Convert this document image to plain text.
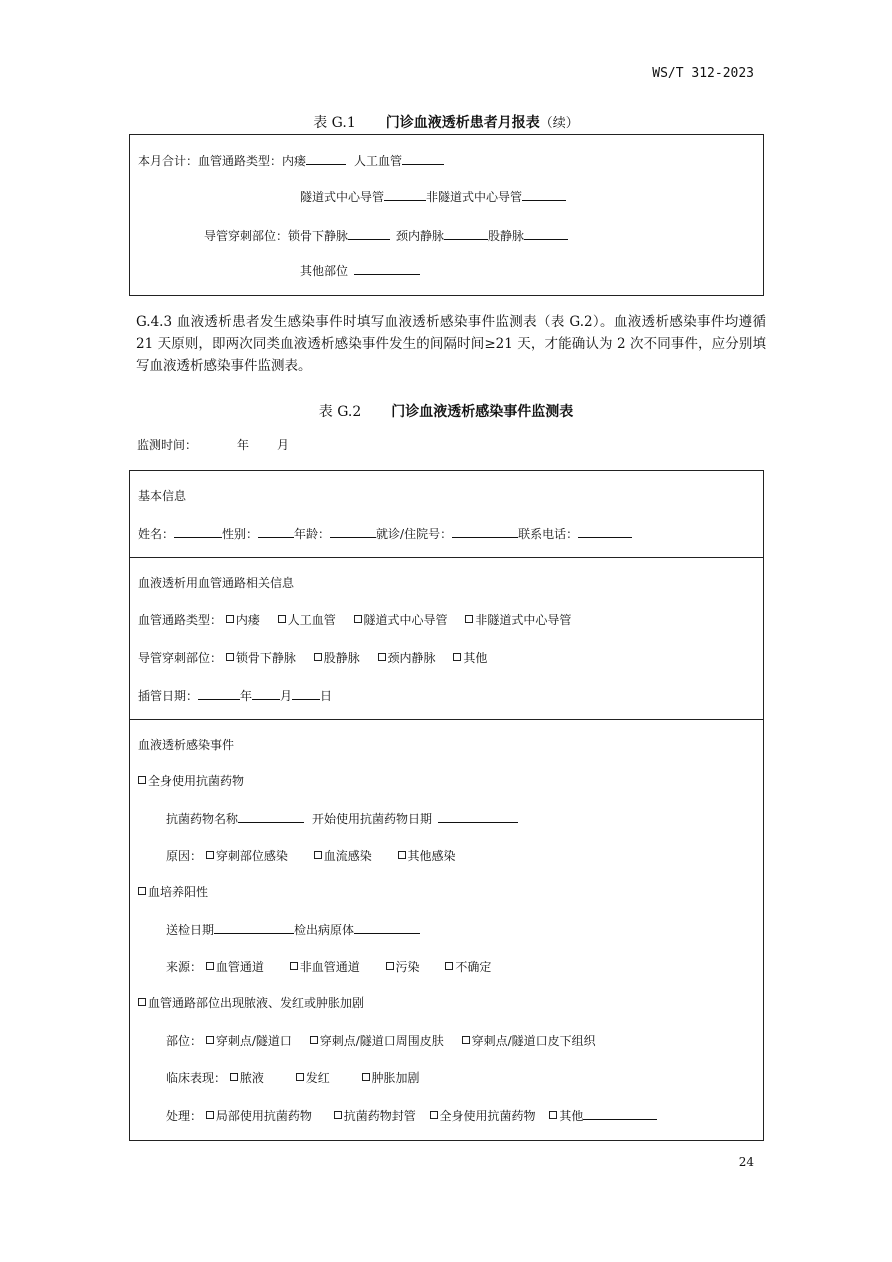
WS/T 312-2023
表 G.1 门诊血液透析患者月报表（续）
本月合计：血管通路类型：内瘘	人工血管
隧道式中心导管	非隧道式中心导管
导管穿刺部位：锁骨下静脉	颈内静脉	股静脉
其他部位
G.4.3 血液透析患者发生感染事件时填写血液透析感染事件监测表（表 G.2）。血液透析感染事件均遵循 21 天原则，即两次同类血液透析感染事件发生的间隔时间≥21 天，才能确认为 2 次不同事件，应分别填写血液透析感染事件监测表。
表 G.2 门诊血液透析感染事件监测表
监测时间：	年 月
基本信息
姓名：	性别：	年龄：	就诊/住院号：	联系电话：
血液透析用血管通路相关信息
血管通路类型： 内瘘 人工血管 隧道式中心导管 非隧道式中心导管
导管穿刺部位： 锁骨下静脉 股静脉 颈内静脉 其他
插管日期：	年 月 日
血液透析感染事件
全身使用抗菌药物
抗菌药物名称	开始使用抗菌药物日期
原因： 穿刺部位感染	血流感染	其他感染
血培养阳性
送检日期	检出病原体
来源： 血管通道	非血管通道	污染	不确定
血管通路部位出现脓液、发红或肿胀加剧
部位： 穿刺点/隧道口 穿刺点/隧道口周围皮肤 穿刺点/隧道口皮下组织
临床表现： 脓液	发红	肿胀加剧
处理： 局部使用抗菌药物	抗菌药物封管 全身使用抗菌药物 其他
24
